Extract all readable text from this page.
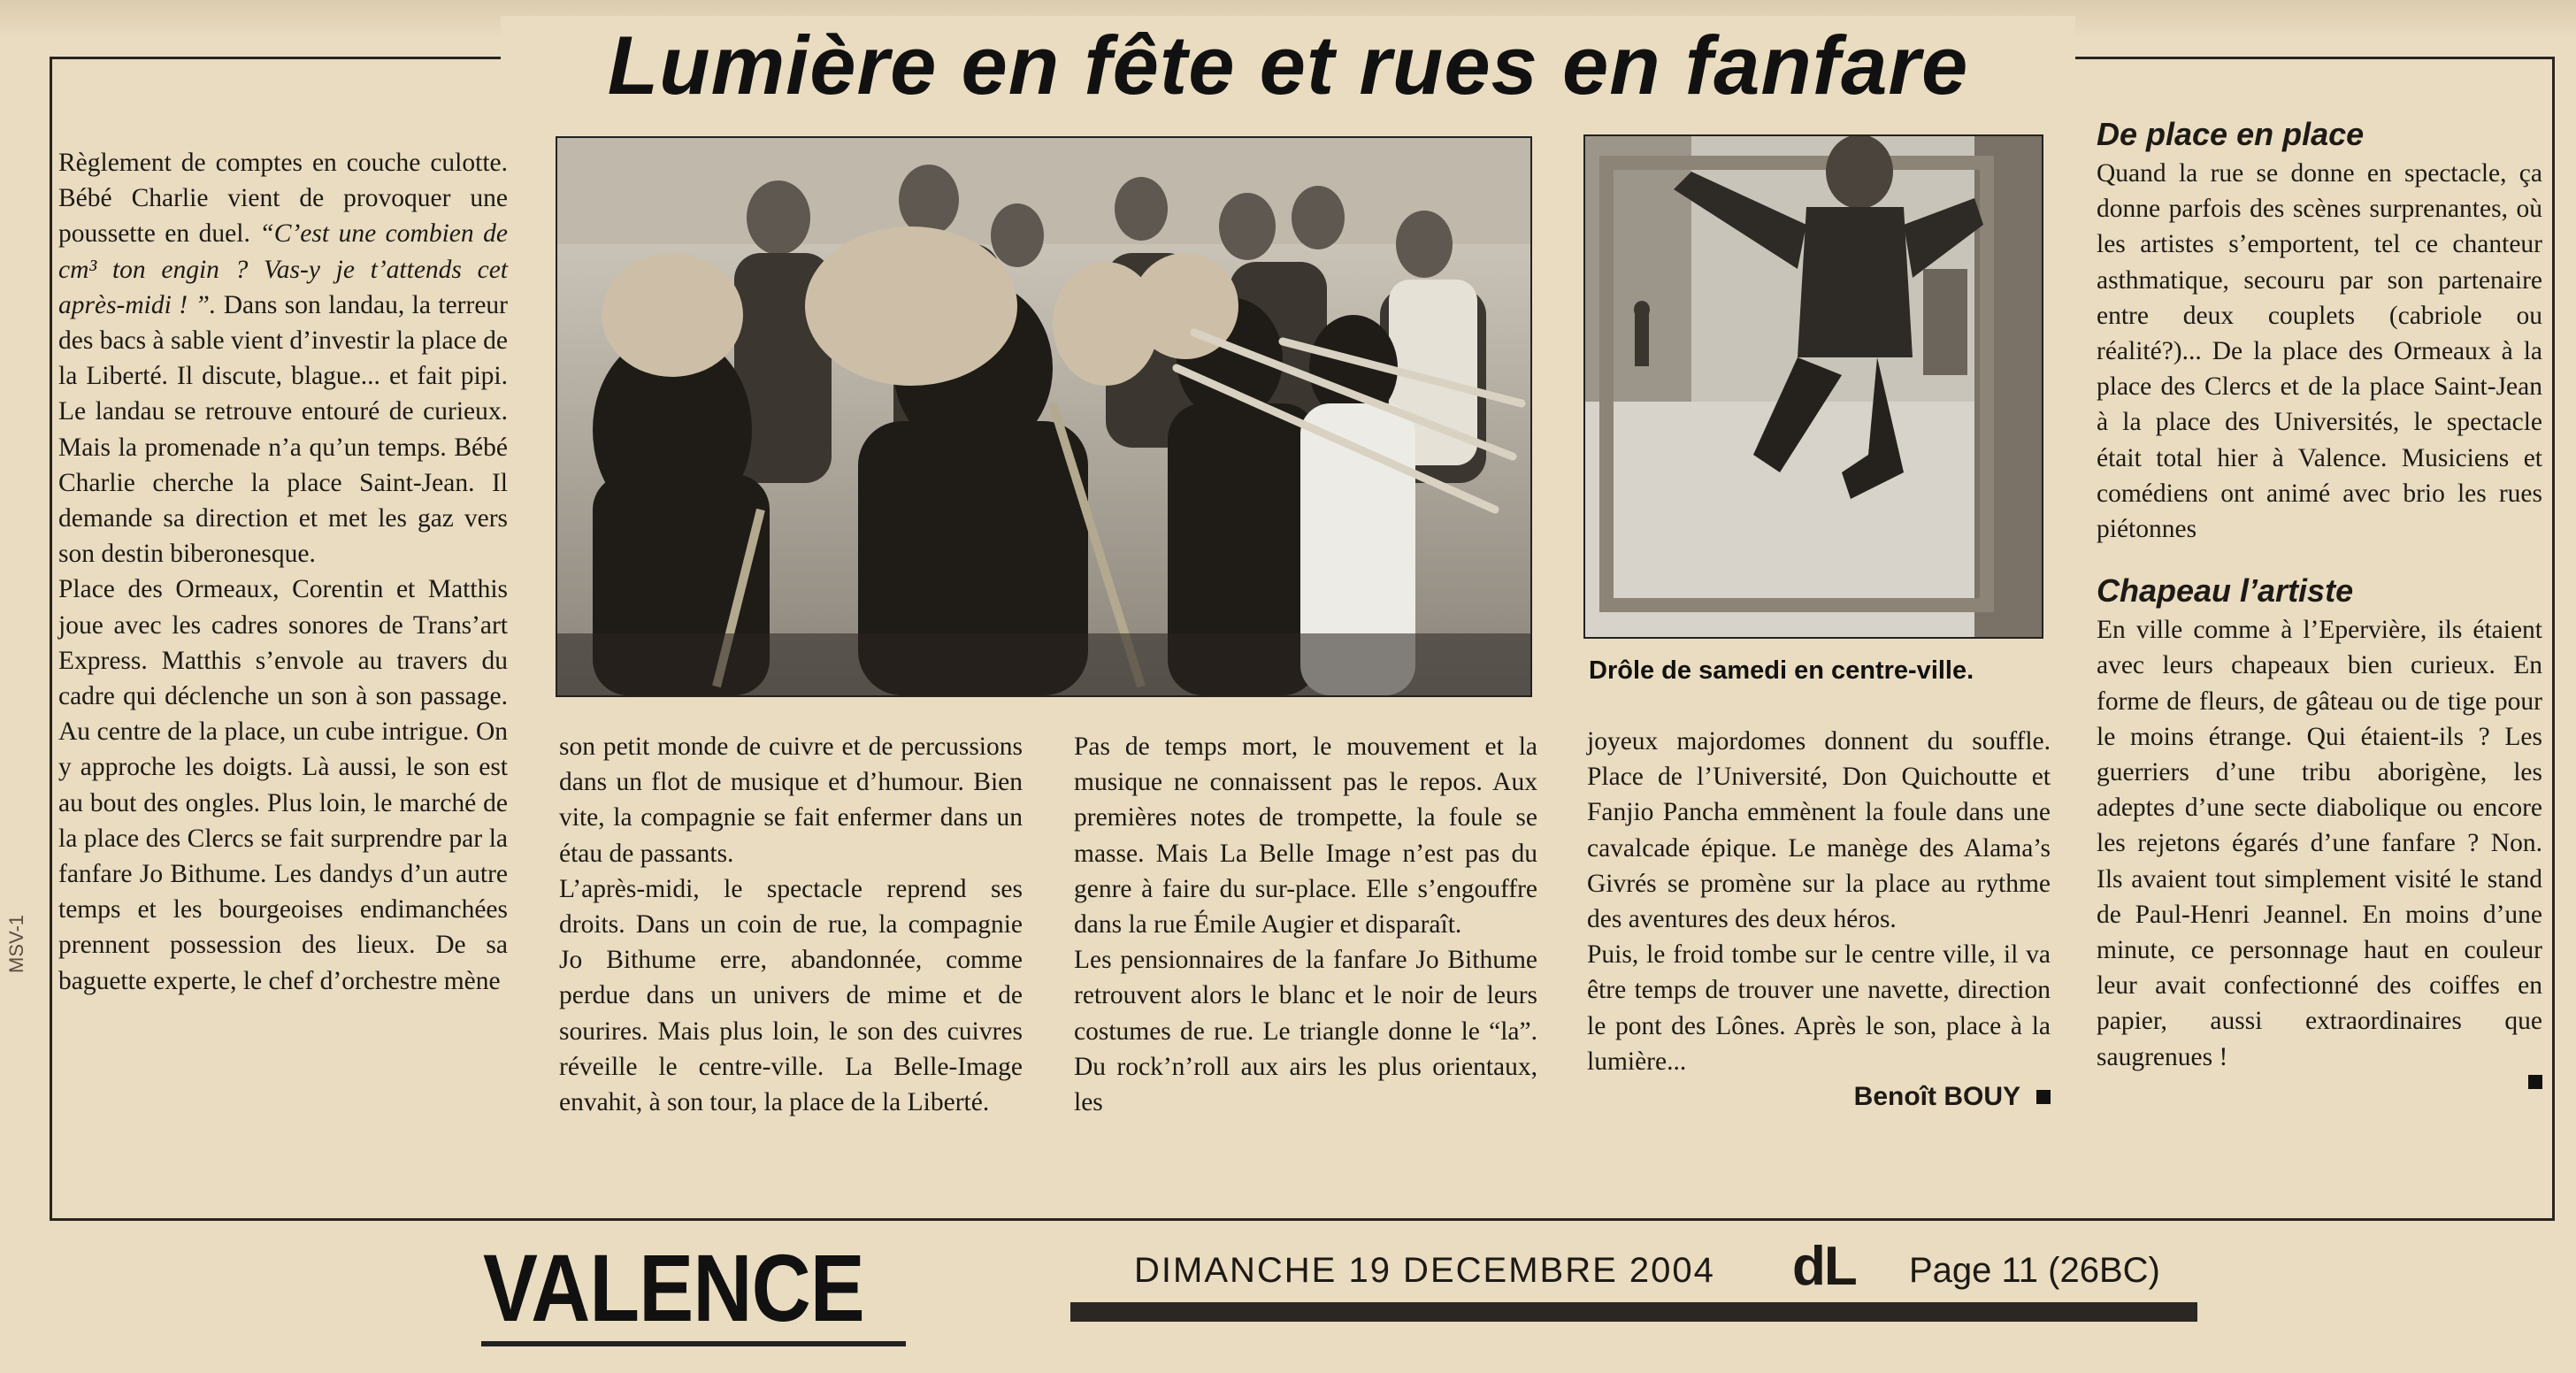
Lumière en fête et rues en fanfare

Règlement de comptes en couche culotte. Bébé Charlie vient de provoquer une poussette en duel. “C’est une combien de cm³ ton engin ? Vas-y je t’attends cet après-midi ! ”. Dans son landau, la terreur des bacs à sable vient d’investir la place de la Liberté. Il discute, blague... et fait pipi. Le landau se retrouve entouré de curieux. Mais la promenade n’a qu’un temps. Bébé Charlie cherche la place Saint-Jean. Il demande sa direction et met les gaz vers son destin biberonesque.

Place des Ormeaux, Corentin et Matthis joue avec les cadres sonores de Trans’art Express. Matthis s’envole au travers du cadre qui déclenche un son à son passage. Au centre de la place, un cube intrigue. On y approche les doigts. Là aussi, le son est au bout des ongles. Plus loin, le marché de la place des Clercs se fait surprendre par la fanfare Jo Bithume. Les dandys d’un autre temps et les bourgeoises endimanchées prennent possession des lieux. De sa baguette experte, le chef d’orchestre mène

Drôle de samedi en centre-ville.

son petit monde de cuivre et de percussions dans un flot de musique et d’humour. Bien vite, la compagnie se fait enfermer dans un étau de passants.

L’après-midi, le spectacle reprend ses droits. Dans un coin de rue, la compagnie Jo Bithume erre, abandonnée, comme perdue dans un univers de mime et de sourires. Mais plus loin, le son des cuivres réveille le centre-ville. La Belle-Image envahit, à son tour, la place de la Liberté.

Pas de temps mort, le mouvement et la musique ne connaissent pas le repos. Aux premières notes de trompette, la foule se masse. Mais La Belle Image n’est pas du genre à faire du sur-place. Elle s’engouffre dans la rue Émile Augier et disparaît.

Les pensionnaires de la fanfare Jo Bithume retrouvent alors le blanc et le noir de leurs costumes de rue. Le triangle donne le “la”. Du rock’n’roll aux airs les plus orientaux, les

joyeux majordomes donnent du souffle. Place de l’Université, Don Quichoutte et Fanjio Pancha emmènent la foule dans une cavalcade épique. Le manège des Alama’s Givrés se promène sur la place au rythme des aventures des deux héros.

Puis, le froid tombe sur le centre ville, il va être temps de trouver une navette, direction le pont des Lônes. Après le son, place à la lumière...

Benoît BOUY
De place en place

Quand la rue se donne en spectacle, ça donne parfois des scènes surprenantes, où les artistes s’emportent, tel ce chanteur asthmatique, secouru par son partenaire entre deux couplets (cabriole ou réalité?)... De la place des Ormeaux à la place des Clercs et de la place Saint-Jean à la place des Universités, le spectacle était total hier à Valence. Musiciens et comédiens ont animé avec brio les rues piétonnes

Chapeau l’artiste

En ville comme à l’Epervière, ils étaient avec leurs chapeaux bien curieux. En forme de fleurs, de gâteau ou de tige pour le moins étrange. Qui étaient-ils ? Les guerriers d’une tribu aborigène, les adeptes d’une secte diabolique ou encore les rejetons égarés d’une fanfare ? Non. Ils avaient tout simplement visité le stand de Paul-Henri Jeannel. En moins d’une minute, ce personnage haut en couleur leur avait confectionné des coiffes en papier, aussi extraordinaires que saugrenues !

VALENCE	DIMANCHE 19 DECEMBRE 2004 dL Page 11 (26BC)
MSV-1
